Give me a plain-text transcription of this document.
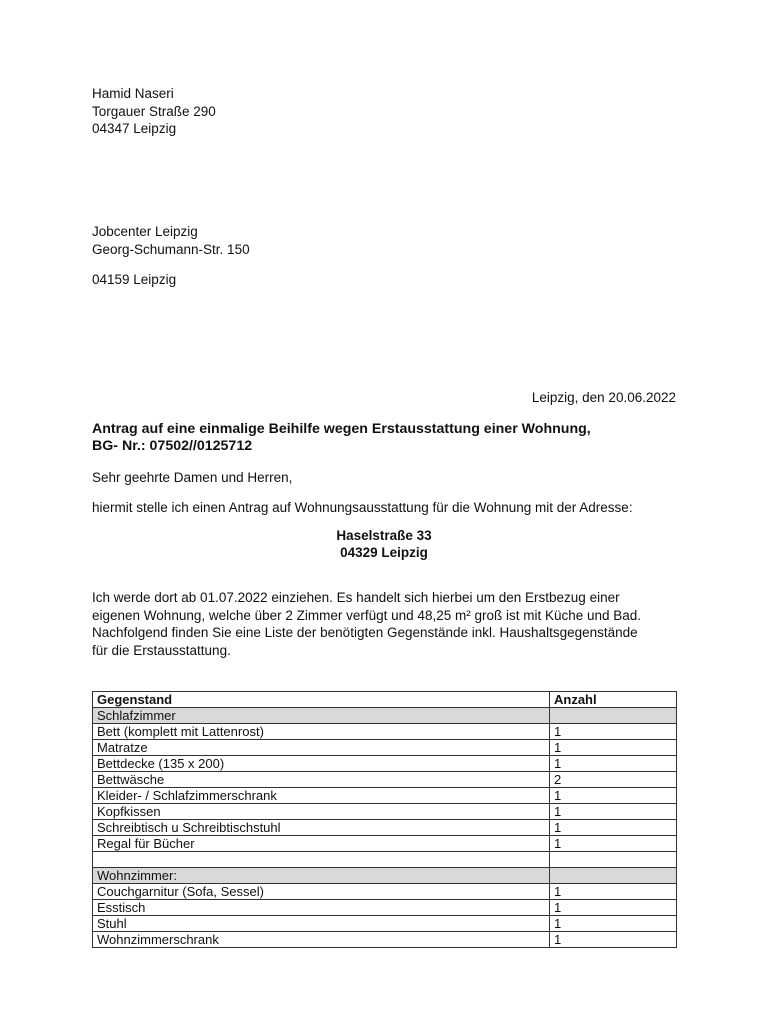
Hamid Naseri
Torgauer Straße 290
04347 Leipzig
Jobcenter Leipzig
Georg-Schumann-Str. 150
04159 Leipzig
Leipzig, den 20.06.2022
Antrag auf eine einmalige Beihilfe wegen Erstausstattung einer Wohnung,
BG- Nr.: 07502//0125712
Sehr geehrte Damen und Herren,
hiermit stelle ich einen Antrag auf Wohnungsausstattung für die Wohnung mit der Adresse:
Haselstraße 33
04329 Leipzig
Ich werde dort ab 01.07.2022 einziehen. Es handelt sich hierbei um den Erstbezug einer
eigenen Wohnung, welche über 2 Zimmer verfügt und 48,25 m² groß ist mit Küche und Bad.
Nachfolgend finden Sie eine Liste der benötigten Gegenstände inkl. Haushaltsgegenstände
für die Erstausstattung.
Gegenstand	Anzahl
Schlafzimmer	
Bett (komplett mit Lattenrost)	1
Matratze	1
Bettdecke (135 x 200)	1
Bettwäsche	2
Kleider- / Schlafzimmerschrank	1
Kopfkissen	1
Schreibtisch u Schreibtischstuhl	1
Regal für Bücher	1

Wohnzimmer:	
Couchgarnitur (Sofa, Sessel)	1
Esstisch	1
Stuhl	1
Wohnzimmerschrank	1
